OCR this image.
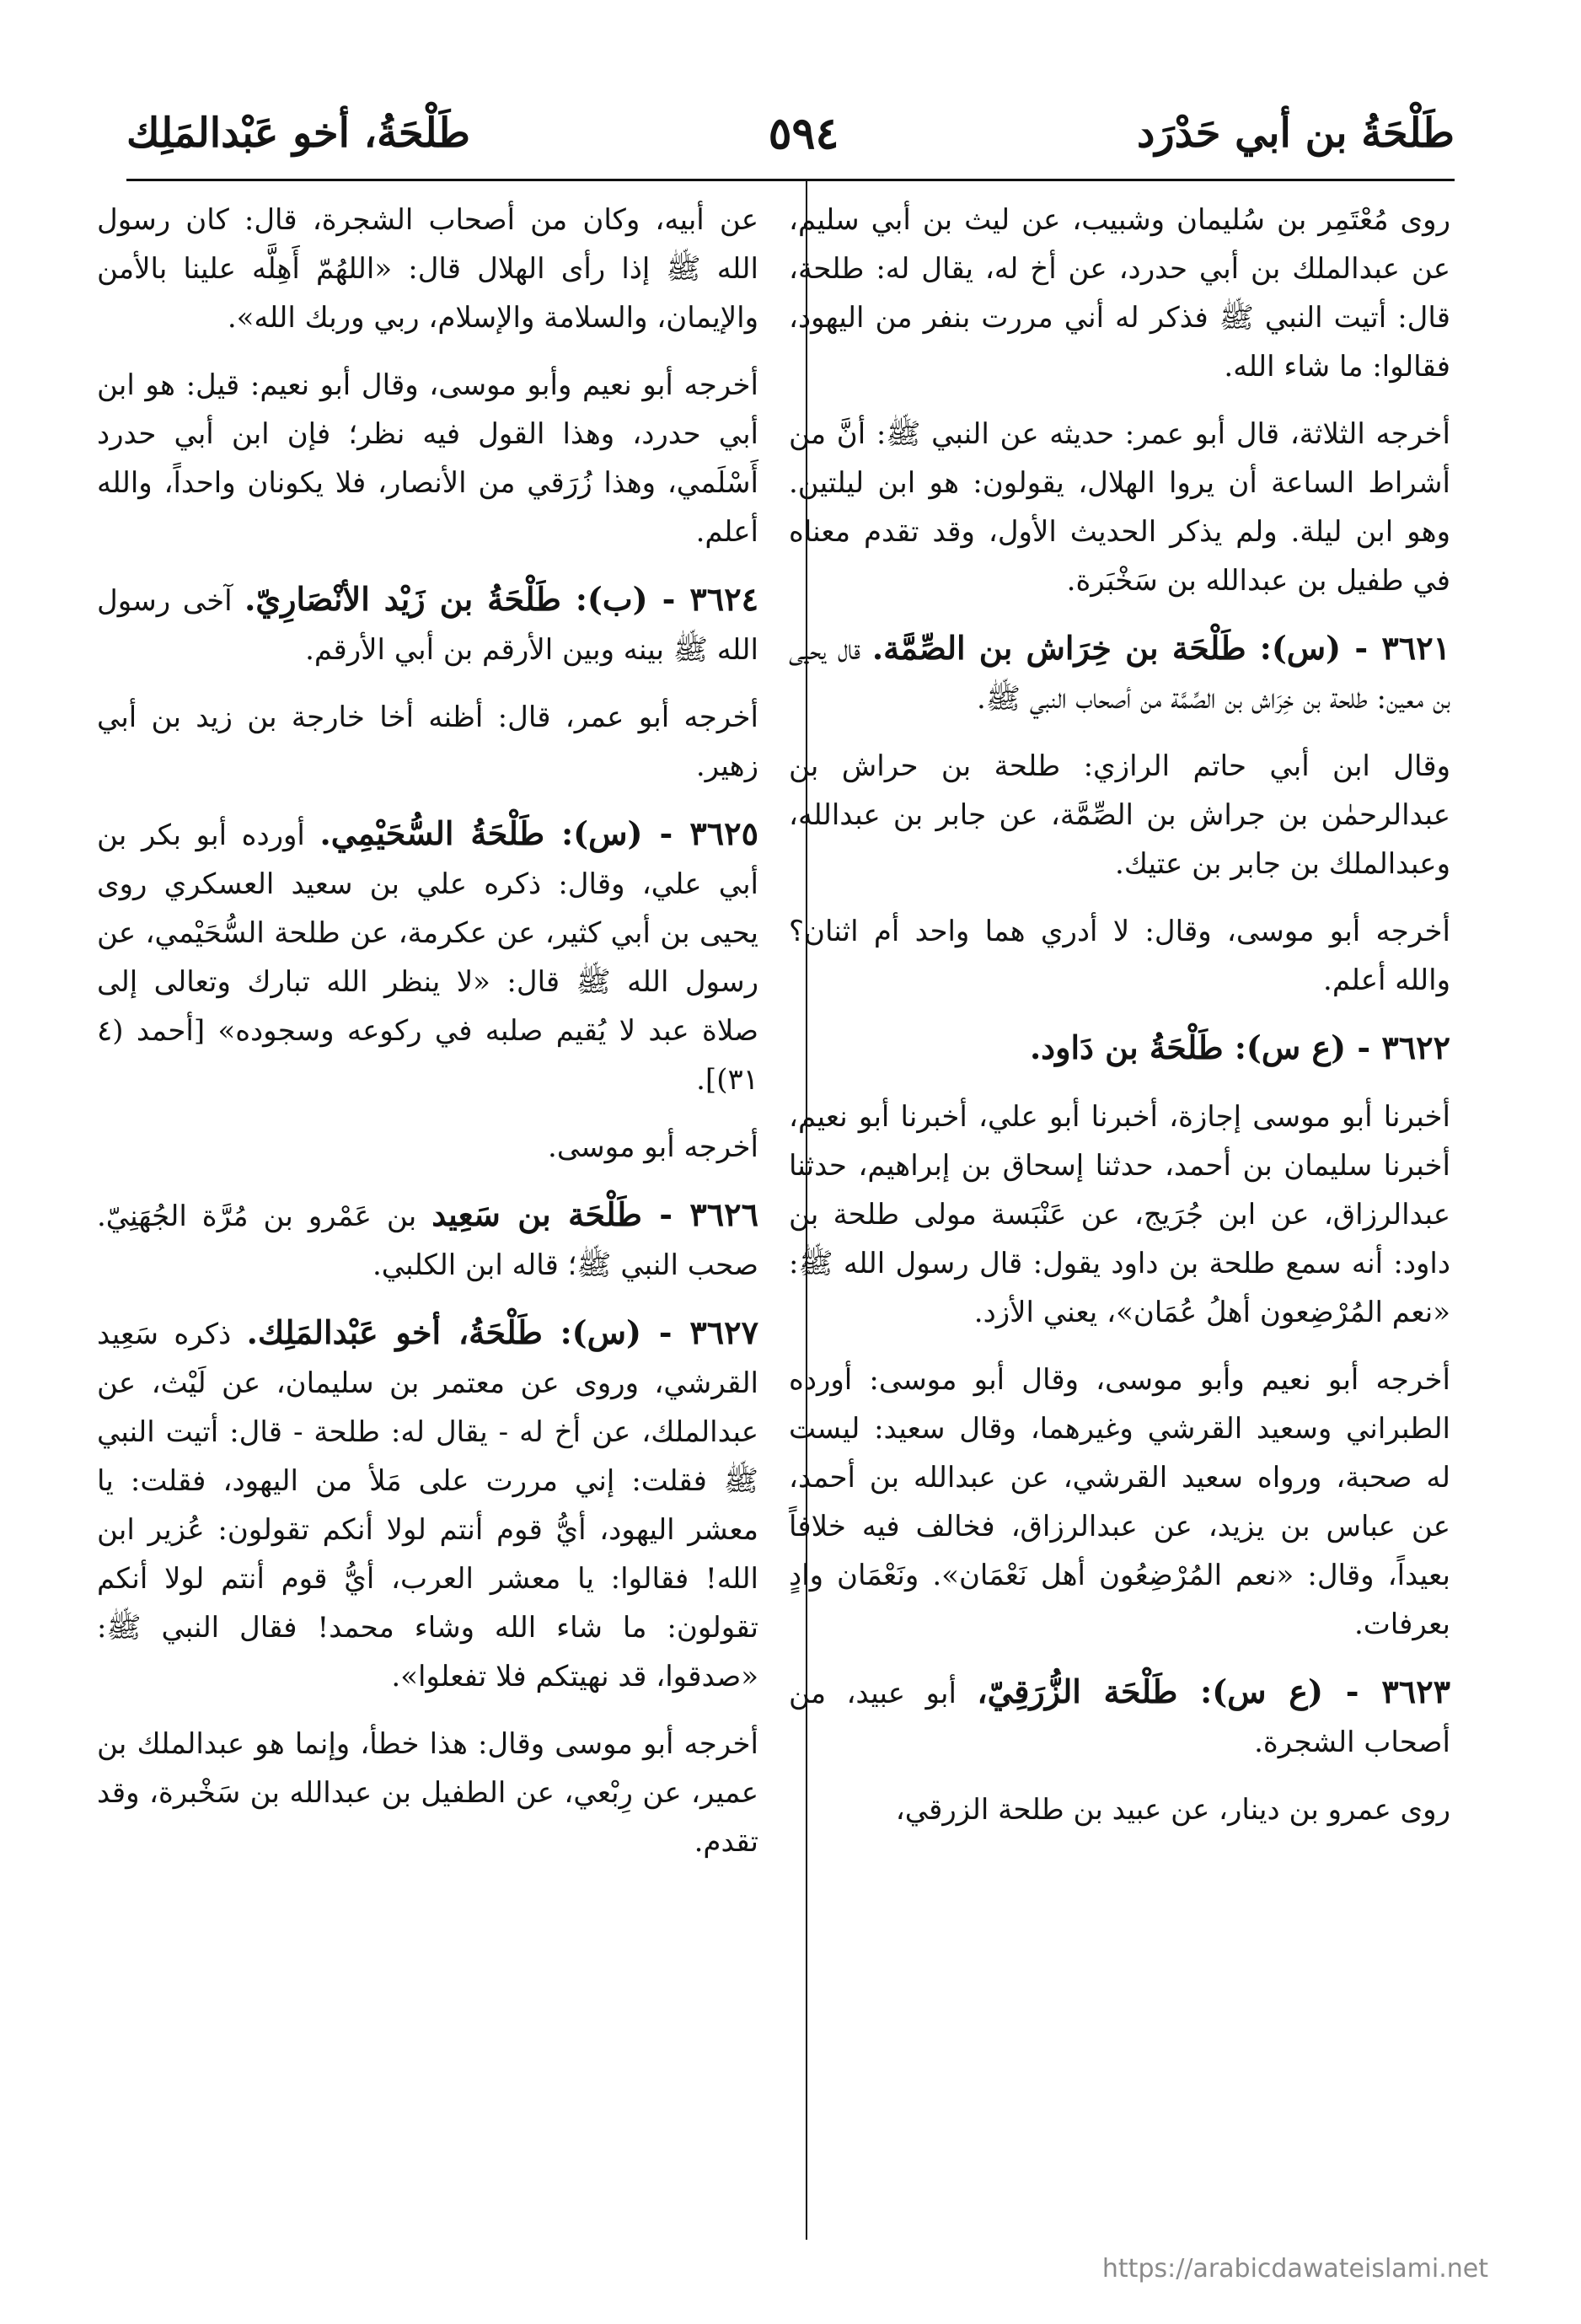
طَلْحَةُ بن أبي حَدْرَد
٥٩٤
طَلْحَةُ، أخو عَبْدالمَلِك

روى مُعْتَمِر بن سُليمان وشبيب، عن ليث بن أبي سليم، عن عبدالملك بن أبي حدرد، عن أخ له، يقال له: طلحة، قال: أتيت النبي ﷺ فذكر له أني مررت بنفر من اليهود، فقالوا: ما شاء الله.

أخرجه الثلاثة، قال أبو عمر: حديثه عن النبي ﷺ: أنَّ من أشراط الساعة أن يروا الهلال، يقولون: هو ابن ليلتين. وهو ابن ليلة. ولم يذكر الحديث الأول، وقد تقدم معناه في طفيل بن عبدالله بن سَخْبَرة.

٣٦٢١ - (س): طَلْحَة بن خِرَاش بن الصِّمَّة. قال يحيى بن معين: طلحة بن خِرَاش بن الصِّمَّة من أصحاب النبي ﷺ.

وقال ابن أبي حاتم الرازي: طلحة بن حراش بن عبدالرحمٰن بن جراش بن الصِّمَّة، عن جابر بن عبدالله، وعبدالملك بن جابر بن عتيك.

أخرجه أبو موسى، وقال: لا أدري هما واحد أم اثنان؟ والله أعلم.

٣٦٢٢ - (ع س): طَلْحَةُ بن دَاود.

أخبرنا أبو موسى إجازة، أخبرنا أبو علي، أخبرنا أبو نعيم، أخبرنا سليمان بن أحمد، حدثنا إسحاق بن إبراهيم، حدثنا عبدالرزاق، عن ابن جُرَيج، عن عَنْبَسة مولى طلحة بن داود: أنه سمع طلحة بن داود يقول: قال رسول الله ﷺ: «نعم المُرْضِعون أهلُ عُمَان»، يعني الأزد.

أخرجه أبو نعيم وأبو موسى، وقال أبو موسى: أورده الطبراني وسعيد القرشي وغيرهما، وقال سعيد: ليست له صحبة، ورواه سعيد القرشي، عن عبدالله بن أحمد، عن عباس بن يزيد، عن عبدالرزاق، فخالف فيه خلافاً بعيداً، وقال: «نعم المُرْضِعُون أهل نَعْمَان». ونَعْمَان وادٍ بعرفات.

٣٦٢٣ - (ع س): طَلْحَة الزُّرَقِيّ، أبو عبيد، من أصحاب الشجرة.

روى عمرو بن دينار، عن عبيد بن طلحة الزرقي،

عن أبيه، وكان من أصحاب الشجرة، قال: كان رسول الله ﷺ إذا رأى الهلال قال: «اللهُمّ أَهِلَّه علينا بالأمن والإيمان، والسلامة والإسلام، ربي وربك الله».

أخرجه أبو نعيم وأبو موسى، وقال أبو نعيم: قيل: هو ابن أبي حدرد، وهذا القول فيه نظر؛ فإن ابن أبي حدرد أَسْلَمي، وهذا زُرَقي من الأنصار، فلا يكونان واحداً، والله أعلم.

٣٦٢٤ - (ب): طَلْحَةُ بن زَيْد الأنْصَارِيّ. آخى رسول الله ﷺ بينه وبين الأرقم بن أبي الأرقم.

أخرجه أبو عمر، قال: أظنه أخا خارجة بن زيد بن أبي زهير.

٣٦٢٥ - (س): طَلْحَةُ السُّحَيْمِي. أورده أبو بكر بن أبي علي، وقال: ذكره علي بن سعيد العسكري روى يحيى بن أبي كثير، عن عكرمة، عن طلحة السُّحَيْمي، عن رسول الله ﷺ قال: «لا ينظر الله تبارك وتعالى إلى صلاة عبد لا يُقيم صلبه في ركوعه وسجوده» [أحمد (٤ ٣١)].

أخرجه أبو موسى.

٣٦٢٦ - طَلْحَة بن سَعِيد بن عَمْرو بن مُرَّة الجُهَنِيّ. صحب النبي ﷺ؛ قاله ابن الكلبي.

٣٦٢٧ - (س): طَلْحَةُ، أخو عَبْدالمَلِك. ذكره سَعِيد القرشي، وروى عن معتمر بن سليمان، عن لَيْث، عن عبدالملك، عن أخ له - يقال له: طلحة - قال: أتيت النبي ﷺ فقلت: إني مررت على مَلأ من اليهود، فقلت: يا معشر اليهود، أيُّ قوم أنتم لولا أنكم تقولون: عُزير ابن الله! فقالوا: يا معشر العرب، أيُّ قوم أنتم لولا أنكم تقولون: ما شاء الله وشاء محمد! فقال النبي ﷺ: «صدقوا، قد نهيتكم فلا تفعلوا».

أخرجه أبو موسى وقال: هذا خطأ، وإنما هو عبدالملك بن عمير، عن رِبْعي، عن الطفيل بن عبدالله بن سَخْبرة، وقد تقدم.

https://arabicdawateislami.net
